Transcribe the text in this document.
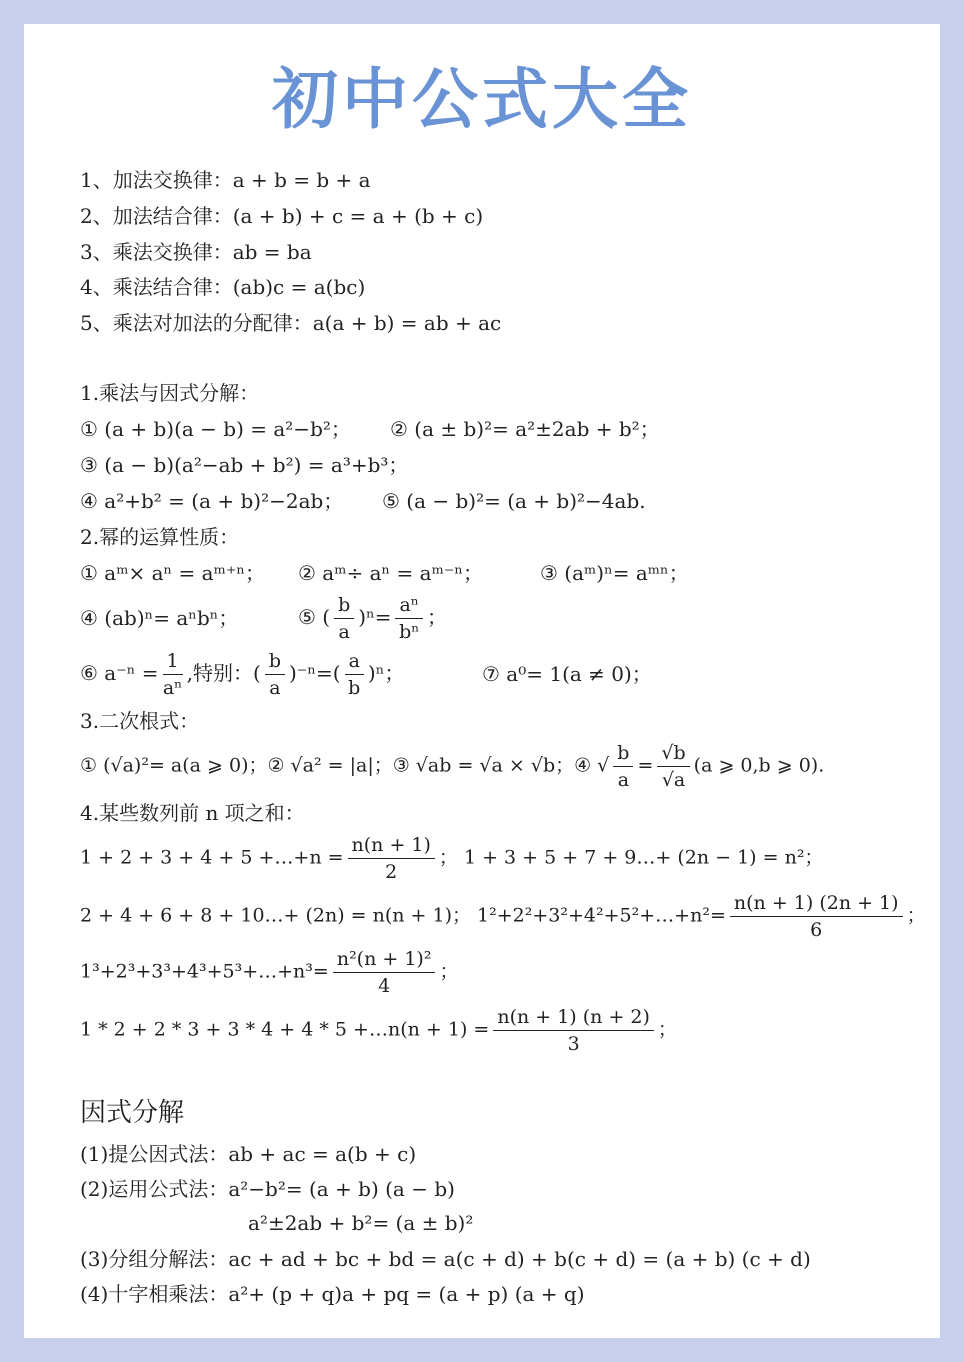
初中公式大全
1、加法交换律：a + b = b + a
2、加法结合律：(a + b) + c = a + (b + c)
3、乘法交换律：ab = ba
4、乘法结合律：(ab)c = a(bc)
5、乘法对加法的分配律：a(a + b) = ab + ac
1.乘法与因式分解：
① (a + b)(a − b) = a²−b²； ② (a ± b)²= a²±2ab + b²；
③ (a − b)(a²−ab + b²) = a³+b³；
④ a²+b² = (a + b)²−2ab； ⑤ (a − b)²= (a + b)²−4ab.
2.幂的运算性质：
① aᵐ× aⁿ = aᵐ⁺ⁿ； ② aᵐ÷ aⁿ = aᵐ⁻ⁿ；	③ (aᵐ)ⁿ= aᵐⁿ；
④ (ab)ⁿ= aⁿbⁿ；	⑤ ( $\frac{b}{a} )^n= \frac{\text{aⁿ}}{\text{bⁿ}}$ ；
⑥ $a^{-n} = \frac{1}{\text{aⁿ}}$ ,特别：( $\frac{b}{a} )^{-n}=( \frac{a}{b} )^n$；	⑦ a⁰= 1(a ≠ 0)；
3.二次根式：
① (√a)²= a(a ⩾ 0)；② √a² = |a|；③ √ab = √a × √b；④ √ $\frac{b}{a} = \frac{√b}{√a} (a$ ⩾ 0,b ⩾ 0).
4.某些数列前 n 项之和：
1 + 2 + 3 + 4 + 5 +…+n = $\frac{n(n + 1)}{2}$ ； 1 + 3 + 5 + 7 + 9…+ (2n − 1) = n²；
2 + 4 + 6 + 8 + 10…+ (2n) = n(n + 1)； 1²+2²+3²+4²+5²+…+n²= $\frac{n(n + 1) (2n + 1)}{6}$ ；
1³+2³+3³+4³+5³+…+n³= $\frac{\text{n²(n + 1)²}}{4}$ ；
1 * 2 + 2 * 3 + 3 * 4 + 4 * 5 +…n(n + $1) = \frac{n(n + 1) (n + 2)}{3}$ ；
因式分解
(1)提公因式法：ab + ac = a(b + c)
(2)运用公式法：a²−b²= (a + b) (a − b)
a²±2ab + b²= (a ± b)²
(3)分组分解法：ac + ad + bc + bd = a(c + d) + b(c + d) = (a + b) (c + d)
(4)十字相乘法：a²+ (p + q)a + pq = (a + p) (a + q)
